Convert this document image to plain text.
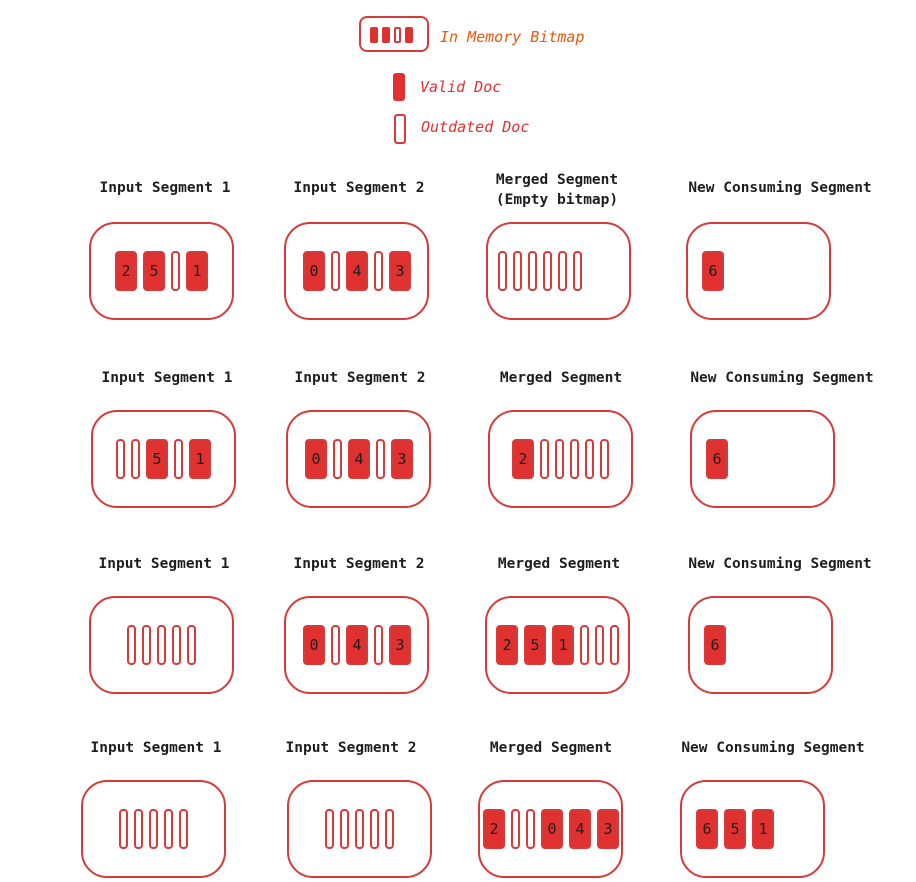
In Memory Bitmap
Valid Doc
Outdated Doc
Input Segment 1
2 5 1
Input Segment 2
0 4 3
Merged Segment
(Empty bitmap)
New Consuming Segment
6
Input Segment 1
5 1
Input Segment 2
0 4 3
Merged Segment
2
New Consuming Segment
6
Input Segment 1	Input Segment 2
0 4 3
Merged Segment
2 5 1
New Consuming Segment
6
Input Segment 1	Input Segment 2	Merged Segment
2	0 4 3
New Consuming Segment
6 5 1
